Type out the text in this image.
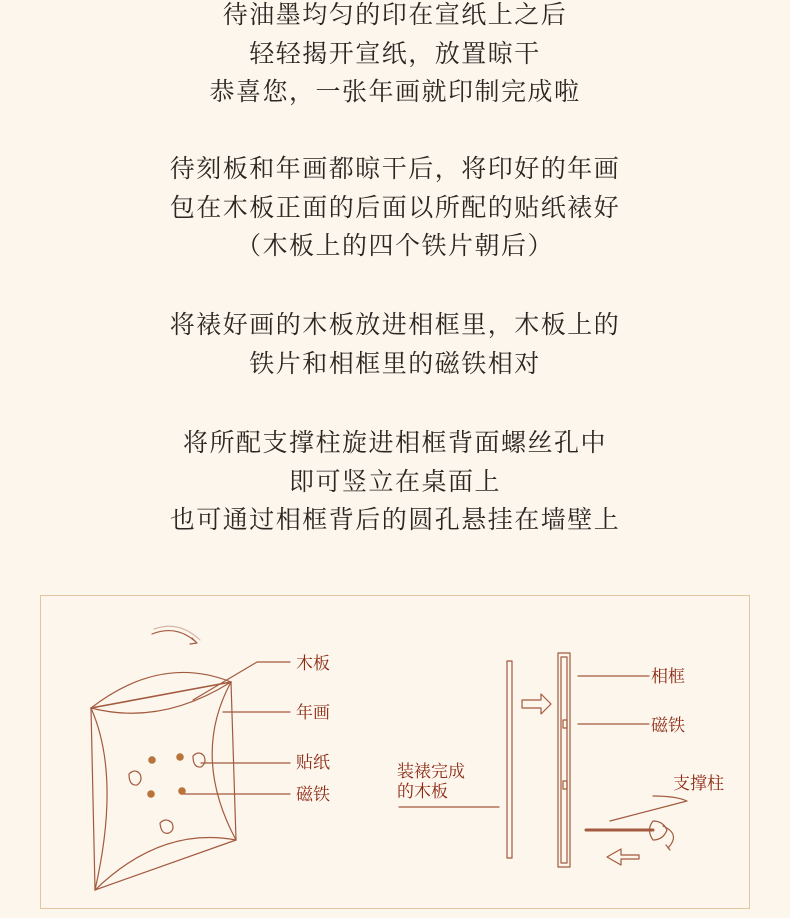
待油墨均匀的印在宣纸上之后
轻轻揭开宣纸，放置晾干
恭喜您，一张年画就印制完成啦
待刻板和年画都晾干后，将印好的年画
包在木板正面的后面以所配的贴纸裱好
（木板上的四个铁片朝后）
将裱好画的木板放进相框里，木板上的
铁片和相框里的磁铁相对
将所配支撑柱旋进相框背面螺丝孔中
即可竖立在桌面上
也可通过相框背后的圆孔悬挂在墙壁上
木板
年画
贴纸
磁铁
装裱完成
的木板
相框
磁铁
支撑柱
